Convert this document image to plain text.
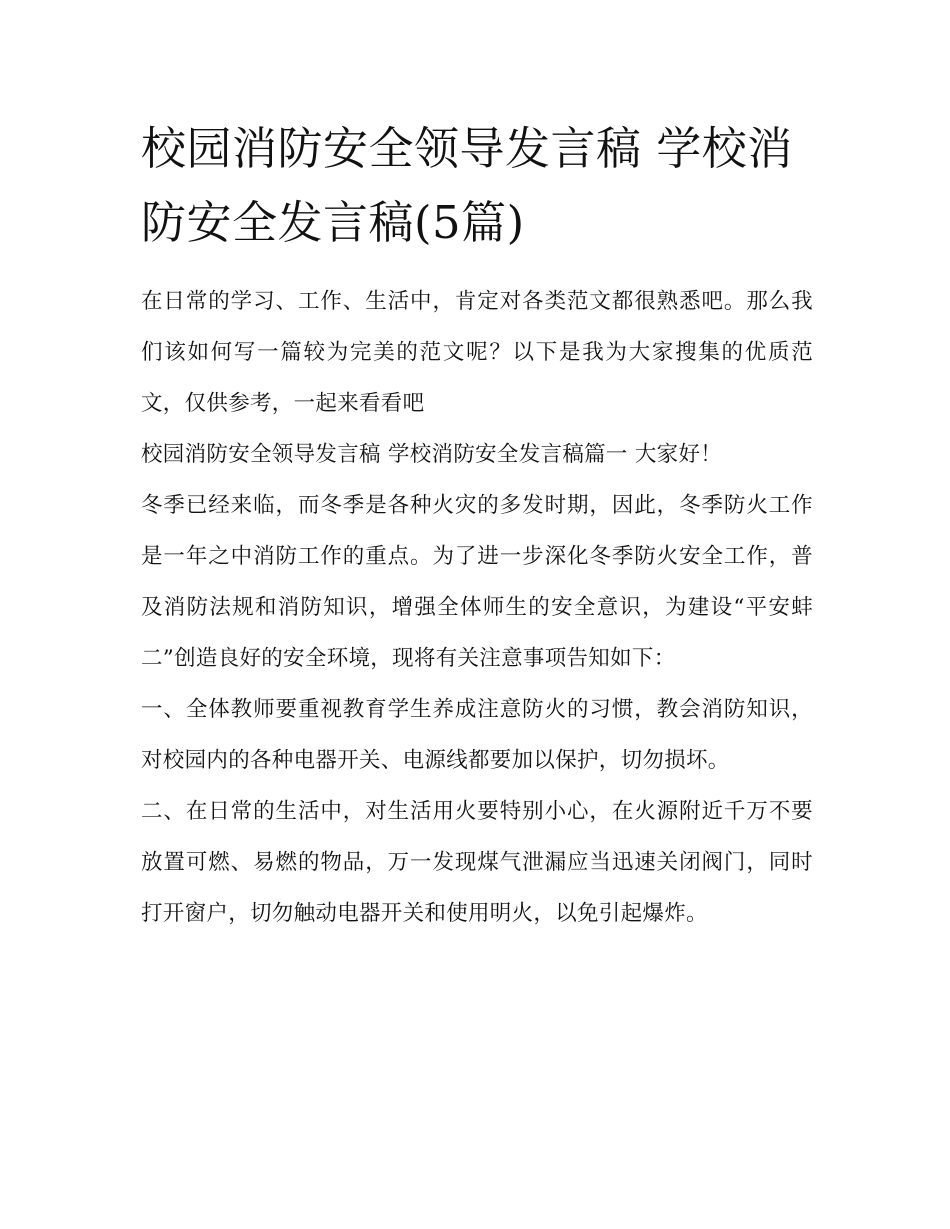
校园消防安全领导发言稿 学校消防安全发言稿(5篇)

在日常的学习、工作、生活中，肯定对各类范文都很熟悉吧。那么我们该如何写一篇较为完美的范文呢？以下是我为大家搜集的优质范文，仅供参考，一起来看看吧

校园消防安全领导发言稿 学校消防安全发言稿篇一 大家好！

冬季已经来临，而冬季是各种火灾的多发时期，因此，冬季防火工作是一年之中消防工作的重点。为了进一步深化冬季防火安全工作，普及消防法规和消防知识，增强全体师生的安全意识，为建设“平安蚌二”创造良好的安全环境，现将有关注意事项告知如下：

一、全体教师要重视教育学生养成注意防火的习惯，教会消防知识，对校园内的各种电器开关、电源线都要加以保护，切勿损坏。

二、在日常的生活中，对生活用火要特别小心，在火源附近千万不要放置可燃、易燃的物品，万一发现煤气泄漏应当迅速关闭阀门，同时打开窗户，切勿触动电器开关和使用明火，以免引起爆炸。
